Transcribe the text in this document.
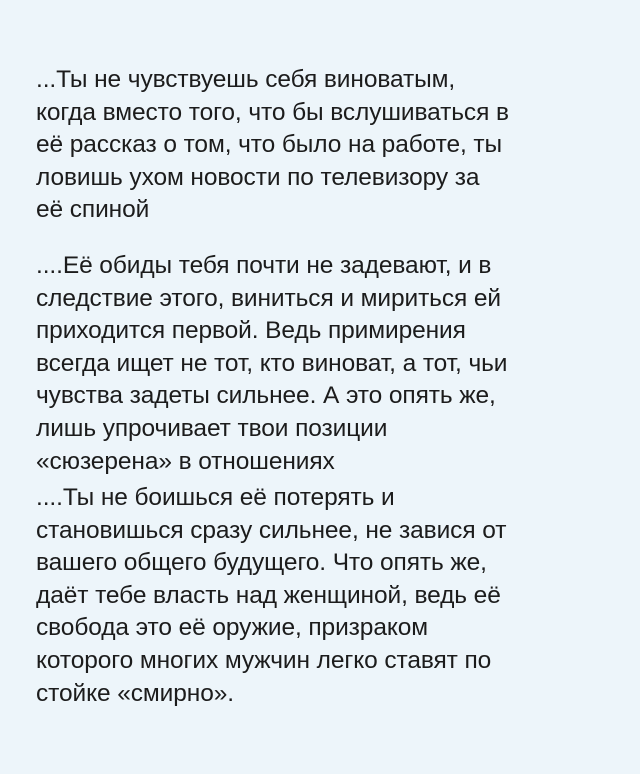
...Ты не чувствуешь себя виноватым,
когда вместо того, что бы вслушиваться в
её рассказ о том, что было на работе, ты
ловишь ухом новости по телевизору за
её спиной

....Её обиды тебя почти не задевают, и в
следствие этого, виниться и мириться ей
приходится первой. Ведь примирения
всегда ищет не тот, кто виноват, а тот, чьи
чувства задеты сильнее. А это опять же,
лишь упрочивает твои позиции
«сюзерена» в отношениях

....Ты не боишься её потерять и
становишься сразу сильнее, не завися от
вашего общего будущего. Что опять же,
даёт тебе власть над женщиной, ведь её
свобода это её оружие, призраком
которого многих мужчин легко ставят по
стойке «смирно».
